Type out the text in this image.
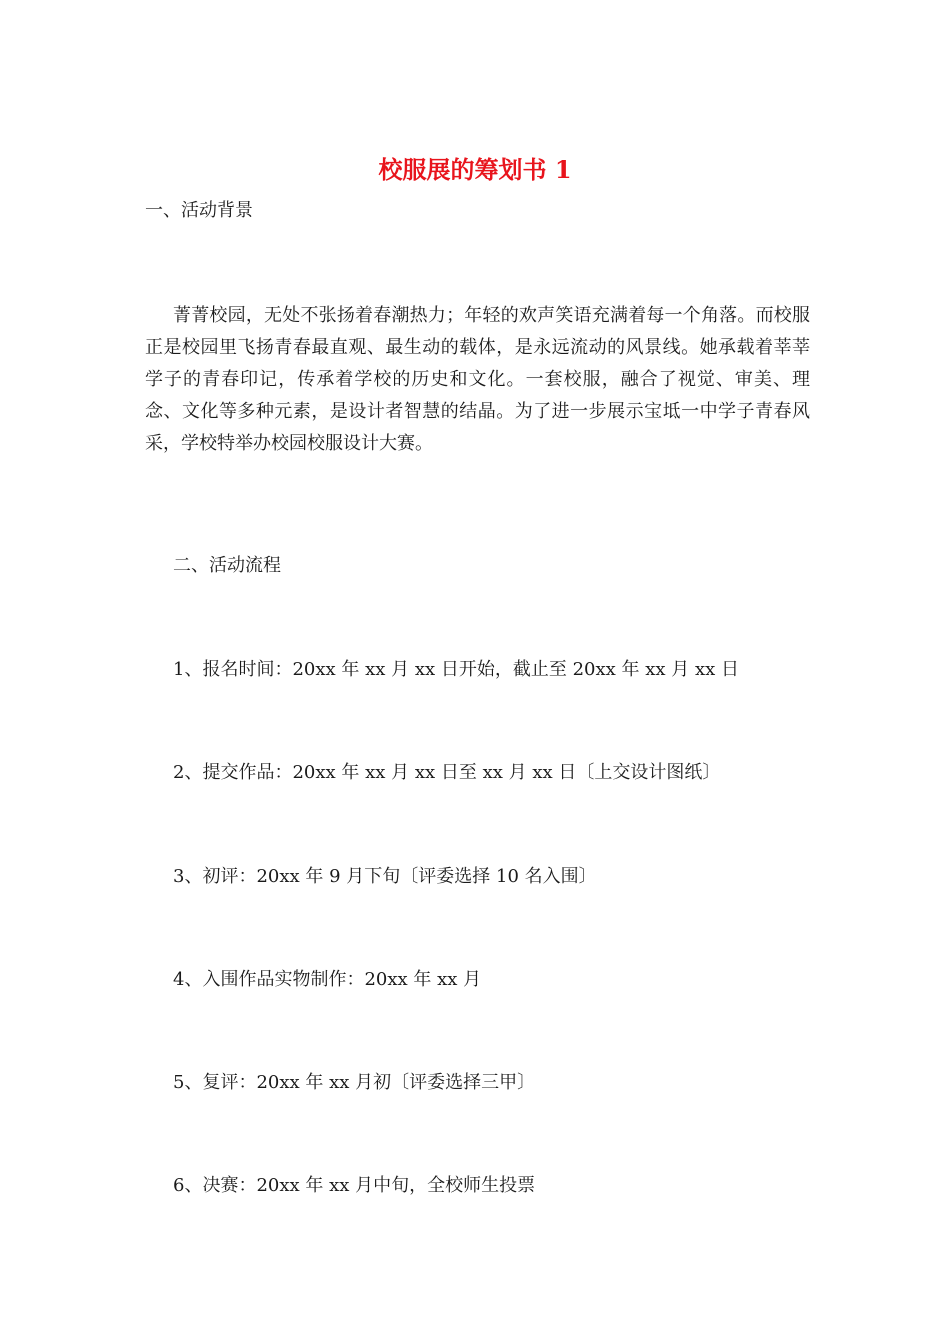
校服展的筹划书 1
一、活动背景

菁菁校园，无处不张扬着春潮热力；年轻的欢声笑语充满着每一个角落。而校服正是校园里飞扬青春最直观、最生动的载体，是永远流动的风景线。她承载着莘莘学子的青春印记，传承着学校的历史和文化。一套校服，融合了视觉、审美、理念、文化等多种元素，是设计者智慧的结晶。为了进一步展示宝坻一中学子青春风采，学校特举办校园校服设计大赛。

二、活动流程
1、报名时间：20xx 年 xx 月 xx 日开始，截止至 20xx 年 xx 月 xx 日
2、提交作品：20xx 年 xx 月 xx 日至 xx 月 xx 日〔上交设计图纸〕
3、初评：20xx 年 9 月下旬〔评委选择 10 名入围〕
4、入围作品实物制作：20xx 年 xx 月
5、复评：20xx 年 xx 月初〔评委选择三甲〕
6、决赛：20xx 年 xx 月中旬，全校师生投票
